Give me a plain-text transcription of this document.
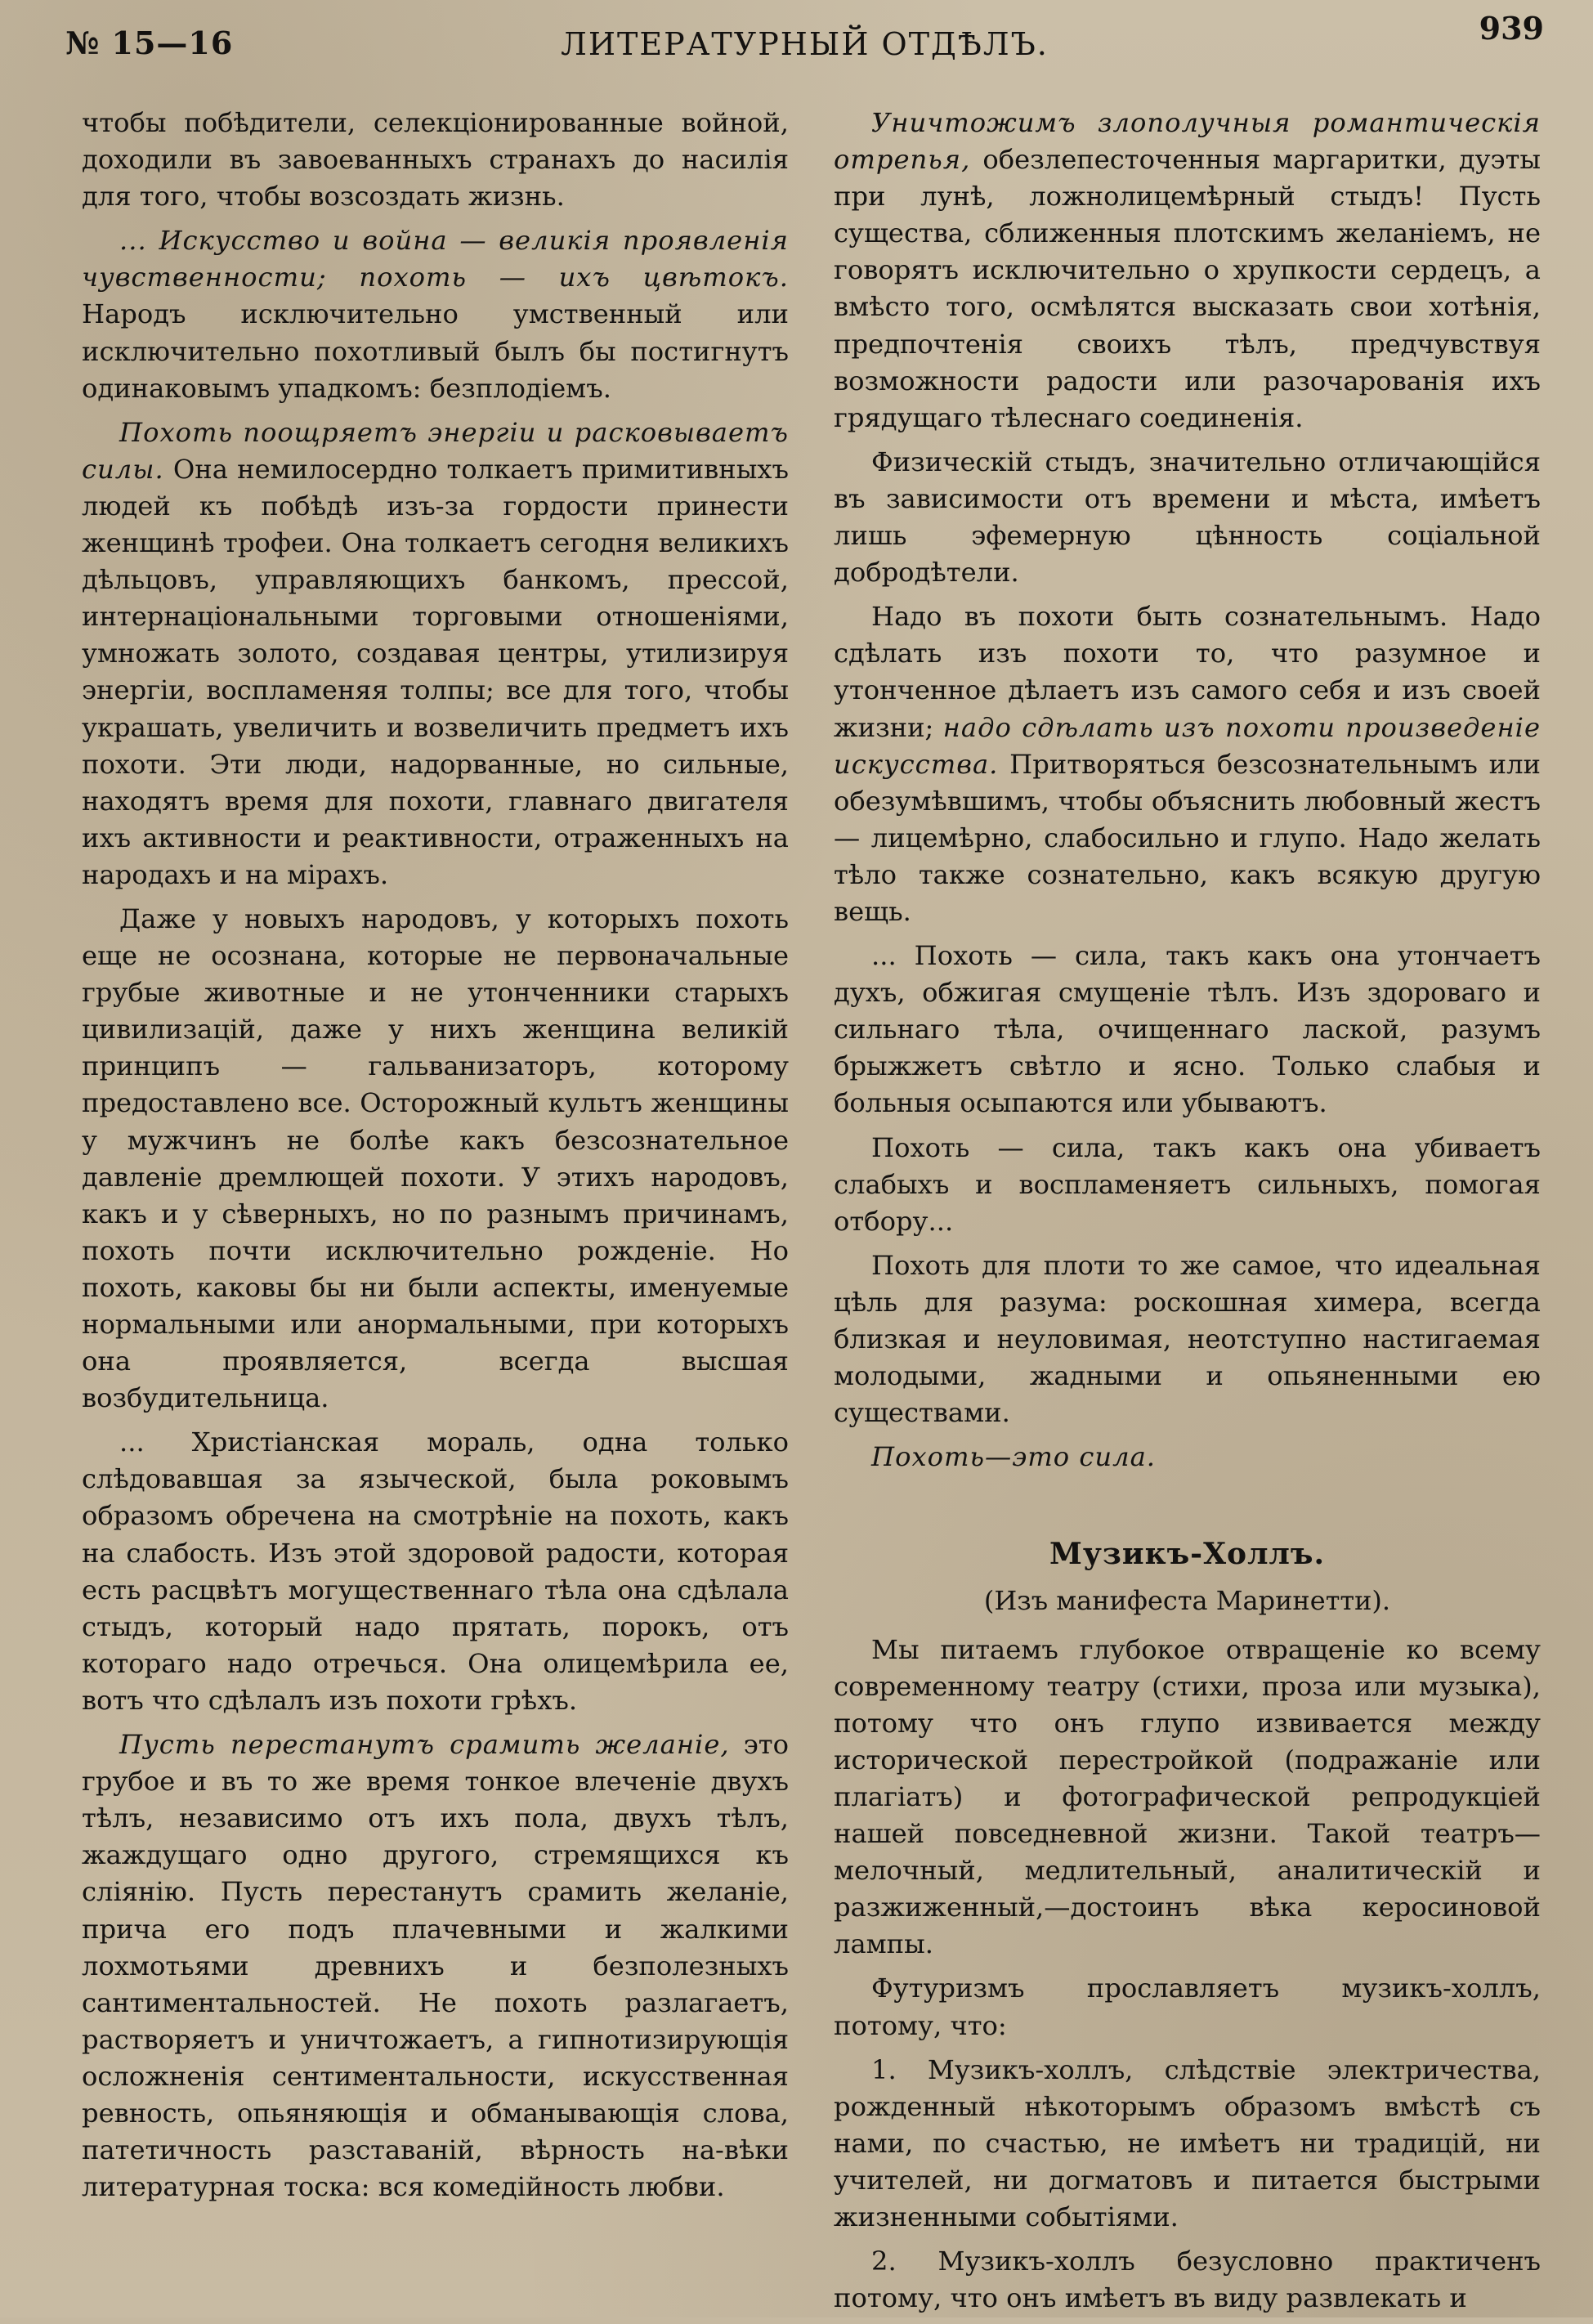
№ 15—16	ЛИТЕРАТУРНЫЙ ОТДѢЛЪ.	939

чтобы побѣдители, селекціонированные войной, доходили въ завоеванныхъ странахъ до насилія для того, чтобы возсоздать жизнь.

... Искусство и война — великія проявленія чувственности; похоть — ихъ цвѣтокъ. Народъ исключительно умственный или исключительно похотливый былъ бы постигнутъ одинаковымъ упадкомъ: безплодіемъ.

Похоть поощряетъ энергіи и расковываетъ силы. Она немилосердно толкаетъ примитивныхъ людей къ побѣдѣ изъ-за гордости принести женщинѣ трофеи. Она толкаетъ сегодня великихъ дѣльцовъ, управляющихъ банкомъ, прессой, интернаціональными торговыми отношеніями, умножать золото, создавая центры, утилизируя энергіи, воспламеняя толпы; все для того, чтобы украшать, увеличить и возвеличить предметъ ихъ похоти. Эти люди, надорванные, но сильные, находятъ время для похоти, главнаго двигателя ихъ активности и реактивности, отраженныхъ на народахъ и на мірахъ.

Даже у новыхъ народовъ, у которыхъ похоть еще не осознана, которые не первоначальные грубые животные и не утонченники старыхъ цивилизацій, даже у нихъ женщина великій принципъ — гальванизаторъ, которому предоставлено все. Осторожный культъ женщины у мужчинъ не болѣе какъ безсознательное давленіе дремлющей похоти. У этихъ народовъ, какъ и у сѣверныхъ, но по разнымъ причинамъ, похоть почти исключительно рожденіе. Но похоть, каковы бы ни были аспекты, именуемые нормальными или анормальными, при которыхъ она проявляется, всегда высшая возбудительница.

... Христіанская мораль, одна только слѣдовавшая за языческой, была роковымъ образомъ обречена на смотрѣніе на похоть, какъ на слабость. Изъ этой здоровой радости, которая есть расцвѣтъ могущественнаго тѣла она сдѣлала стыдъ, который надо прятать, порокъ, отъ котораго надо отречься. Она олицемѣрила ее, вотъ что сдѣлалъ изъ похоти грѣхъ.

Пусть перестанутъ срамить желаніе, это грубое и въ то же время тонкое влеченіе двухъ тѣлъ, независимо отъ ихъ пола, двухъ тѣлъ, жаждущаго одно другого, стремящихся къ сліянію. Пусть перестанутъ срамить желаніе, прича его подъ плачевными и жалкими лохмотьями древнихъ и безполезныхъ сантиментальностей. Не похоть разлагаетъ, растворяетъ и уничтожаетъ, а гипнотизирующія осложненія сентиментальности, искусственная ревность, опьяняющія и обманывающія слова, патетичность разставаній, вѣрность на-вѣки литературная тоска: вся комедійность любви.

Уничтожимъ злополучныя романтическія отрепья, обезлепесточенныя маргаритки, дуэты при лунѣ, ложнолицемѣрный стыдъ! Пусть существа, сближенныя плотскимъ желаніемъ, не говорятъ исключительно о хрупкости сердецъ, а вмѣсто того, осмѣлятся высказать свои хотѣнія, предпочтенія своихъ тѣлъ, предчувствуя возможности радости или разочарованія ихъ грядущаго тѣлеснаго соединенія.

Физическій стыдъ, значительно отличающійся въ зависимости отъ времени и мѣста, имѣетъ лишь эфемерную цѣнность соціальной добродѣтели.

Надо въ похоти быть сознательнымъ. Надо сдѣлать изъ похоти то, что разумное и утонченное дѣлаетъ изъ самого себя и изъ своей жизни; надо сдѣлать изъ похоти произведеніе искусства. Притворяться безсознательнымъ или обезумѣвшимъ, чтобы объяснить любовный жестъ — лицемѣрно, слабосильно и глупо. Надо желать тѣло также сознательно, какъ всякую другую вещь.

... Похоть — сила, такъ какъ она утончаетъ духъ, обжигая смущеніе тѣлъ. Изъ здороваго и сильнаго тѣла, очищеннаго лаской, разумъ брыжжетъ свѣтло и ясно. Только слабыя и больныя осыпаются или убываютъ.

Похоть — сила, такъ какъ она убиваетъ слабыхъ и воспламеняетъ сильныхъ, помогая отбору...

Похоть для плоти то же самое, что идеальная цѣль для разума: роскошная химера, всегда близкая и неуловимая, неотступно настигаемая молодыми, жадными и опьяненными ею существами.

Похоть—это сила.

Музикъ-Холлъ.
(Изъ манифеста Маринетти).

Мы питаемъ глубокое отвращеніе ко всему современному театру (стихи, проза или музыка), потому что онъ глупо извивается между исторической перестройкой (подражаніе или плагіатъ) и фотографической репродукціей нашей повседневной жизни. Такой театръ—мелочный, медлительный, аналитическій и разжиженный,—достоинъ вѣка керосиновой лампы.

Футуризмъ прославляетъ музикъ-холлъ, потому, что:

1. Музикъ-холлъ, слѣдствіе электричества, рожденный нѣкоторымъ образомъ вмѣстѣ съ нами, по счастью, не имѣетъ ни традицій, ни учителей, ни догматовъ и питается быстрыми жизненными событіями.

2. Музикъ-холлъ безусловно практиченъ потому, что онъ имѣетъ въ виду развлекать и
